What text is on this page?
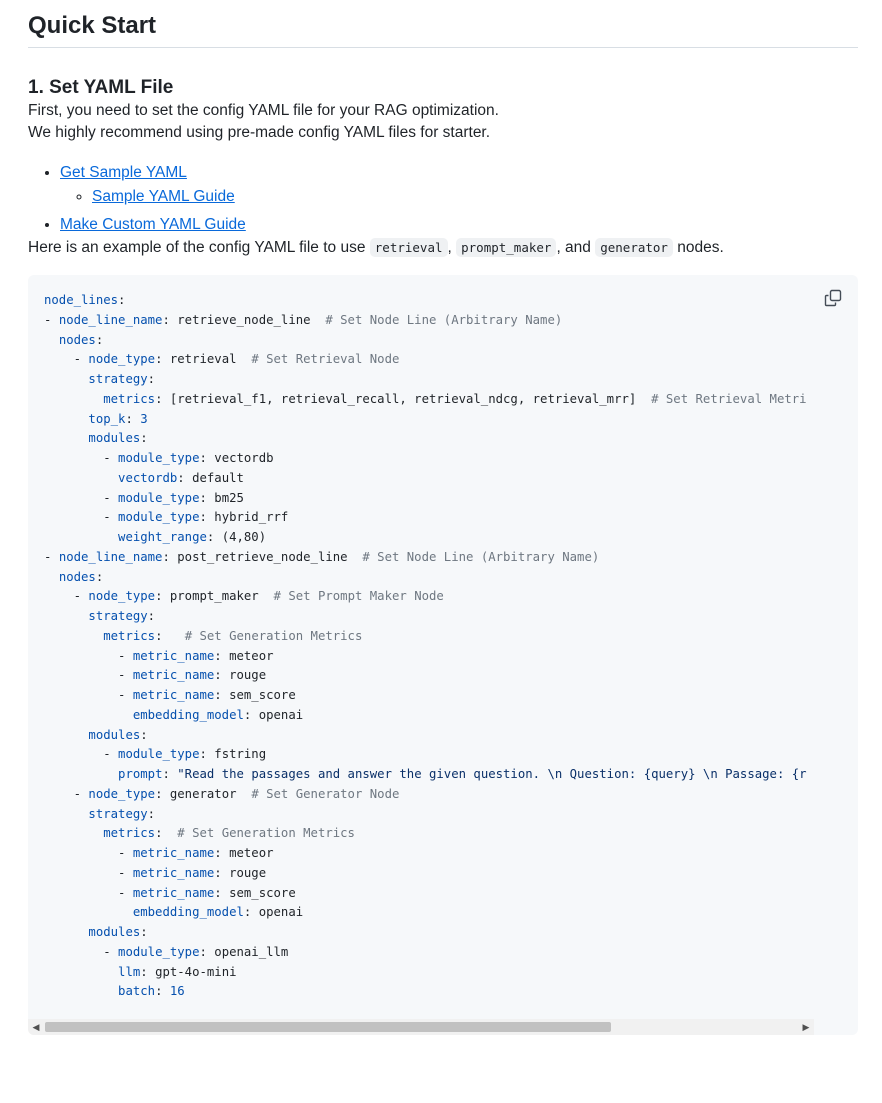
Quick Start
1. Set YAML File

First, you need to set the config YAML file for your RAG optimization.

We highly recommend using pre-made config YAML files for starter.

• Get Sample YAML
◦ Sample YAML Guide
• Make Custom YAML Guide

Here is an example of the config YAML file to use retrieval , prompt_maker , and generator nodes.

node_lines:
- node_line_name: retrieve_node_line  # Set Node Line (Arbitrary Name)
nodes:
- node_type: retrieval  # Set Retrieval Node
strategy:
metrics: [retrieval_f1, retrieval_recall, retrieval_ndcg, retrieval_mrr]  # Set Retrieval Metri
top_k: 3
modules:
- module_type: vectordb
vectordb: default
- module_type: bm25
- module_type: hybrid_rrf
weight_range: (4,80)
- node_line_name: post_retrieve_node_line  # Set Node Line (Arbitrary Name)
nodes:
- node_type: prompt_maker  # Set Prompt Maker Node
strategy:
metrics:   # Set Generation Metrics
- metric_name: meteor
- metric_name: rouge
- metric_name: sem_score
embedding_model: openai
modules:
- module_type: fstring
prompt: "Read the passages and answer the given question. \n Question: {query} \n Passage: {r
- node_type: generator  # Set Generator Node
strategy:
metrics:  # Set Generation Metrics
- metric_name: meteor
- metric_name: rouge
- metric_name: sem_score
embedding_model: openai
modules:
- module_type: openai_llm
llm: gpt-4o-mini
batch: 16
◀	▶
